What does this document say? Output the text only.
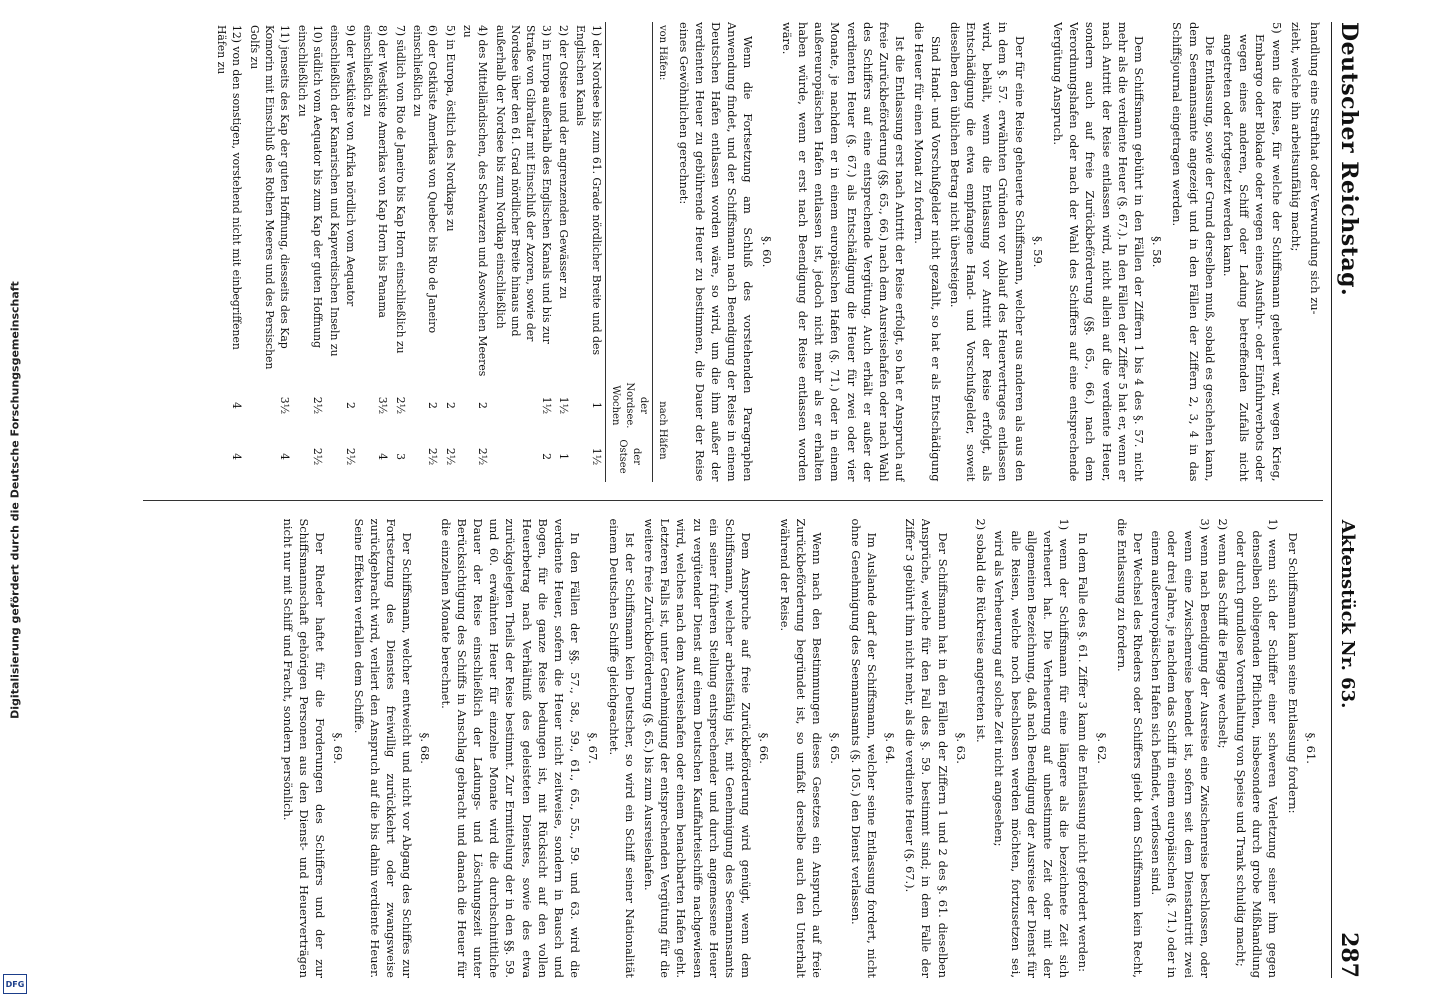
Digitalisierung gefördert durch die Deutsche Forschungsgemeinschaft
DFG
Deutscher Reichstag.
Aktenstück Nr. 63.
287

handlung eine Strafthat oder Verwundung sich zu-

zieht, welche ihn arbeitsunfähig macht;

5) wenn die Reise, für welche der Schiffsmann geheuert war, wegen Krieg, Embargo oder Blokade oder wegen eines Ausfuhr- oder Einfuhrverbots oder wegen eines anderen, Schiff oder Ladung betreffenden Zufalls nicht angetreten oder fortgesetzt werden kann.

Die Entlassung, sowie der Grund derselben muß, sobald es geschehen kann, dem Seemannsamte angezeigt und in den Fällen der Ziffern 2, 3, 4 in das Schiffsjournal eingetragen werden.

§. 58.

Dem Schiffsmann gebührt in den Fällen der Ziffern 1 bis 4 des §. 57. nicht mehr als die verdiente Heuer (§. 67.). In den Fällen der Ziffer 5 hat er, wenn er nach Antritt der Reise entlassen wird, nicht allein auf die verdiente Heuer, sondern auch auf freie Zurückbeförderung (§§. 65., 66.) nach dem Verordnungshafen oder nach der Wahl des Schiffers auf eine entsprechende Vergütung Anspruch.

§. 59.

Der für eine Reise geheuerte Schiffsmann, welcher aus anderen als aus den in dem §. 57. erwähnten Gründen vor Ablauf des Heuervertrages entlassen wird, behält, wenn die Entlassung vor Antritt der Reise erfolgt, als Entschädigung die etwa empfangene Hand- und Vorschußgelder, soweit dieselben den üblichen Betrag nicht übersteigen.

Sind Hand- und Vorschußgelder nicht gezahlt, so hat er als Entschädigung die Heuer für einen Monat zu fordern.

Ist die Entlassung erst nach Antritt der Reise erfolgt, so hat er Anspruch auf freie Zurückbeförderung (§§. 65., 66.) nach dem Ausreisehafen oder nach Wahl des Schiffers auf eine entsprechende Vergütung. Auch erhält er außer der verdienten Heuer (§. 67.) als Entschädigung die Heuer für zwei oder vier Monate, je nachdem er in einem europäischen Hafen (§. 71.) oder in einem außereuropäischen Hafen entlassen ist, jedoch nicht mehr als er erhalten haben würde, wenn er erst nach Beendigung der Reise entlassen worden wäre.

§. 60.

Wenn die Fortsetzung am Schluß des vorstehenden Paragraphen Anwendung findet, und der Schiffsmann nach Beendigung der Reise in einem Deutschen Hafen entlassen worden wäre, so wird, um die ihm außer der verdienten Heuer zu gebührende Heuer zu bestimmen, die Dauer der Reise eines Gewöhnlichen gerechnet:

von Häfen:	nach Häfen	
	der Nordsee. Wochen	der Ostsee
1) der Nordsee bis zum 61. Grade nördlicher Breite und des Englischen Kanals	1	1½
2) der Ostsee und der angrenzenden Gewässer zu	1½	1
3) in Europa außerhalb des Englischen Kanals und bis zur Straße von Gibraltar mit Einschluß der Azoren, sowie der Nordsee über den 61. Grad nördlicher Breite hinaus und außerhalb der Nordsee bis zum Nordkap einschließlich	1½	2
4) des Mittelländischen, des Schwarzen und Asowschen Meeres zu	2	2½
5) in Europa, östlich des Nordkaps zu	2	2½
6) der Ostküste Amerikas von Quebec bis Rio de Janeiro einschließlich zu	2	2½
7) südlich von Rio de Janeiro bis Kap Horn einschließlich zu	2½	3
8) der Westküste Amerikas von Kap Horn bis Panama einschließlich zu	3½	4
9) der Westküste von Afrika nördlich vom Aequator einschließlich der Kanarischen und Kapverdischen Inseln zu	2	2½
10) südlich vom Aequator bis zum Kap der guten Hoffnung einschließlich zu	2½	2½
11) jenseits des Kap der guten Hoffnung, diesseits des Kap Komorin mit Einschluß des Rothen Meeres und des Persischen Golfs zu	3½	4
12) von den sonstigen, vorstehend nicht mit einbegriffenen Häfen zu	4	4
§. 61.

Der Schiffsmann kann seine Entlassung fordern:

1) wenn sich der Schiffer einer schweren Verletzung seiner ihm gegen denselben obliegenden Pflichten, insbesondere durch grobe Mißhandlung oder durch grundlose Vorenthaltung von Speise und Trank schuldig macht;
2) wenn das Schiff die Flagge wechselt;
3) wenn nach Beendigung der Ausreise eine Zwischenreise beschlossen, oder wenn eine Zwischenreise beendet ist, sofern seit dem Dienstantritt zwei oder drei Jahre, je nachdem das Schiff in einem europäischen (§. 71.) oder in einem außereuropäischen Hafen sich befindet, verflossen sind.

Der Wechsel des Rheders oder Schiffers giebt dem Schiffsmann kein Recht, die Entlassung zu fordern.

§. 62.

In dem Falle des §. 61. Ziffer 3 kann die Entlassung nicht gefordert werden:

1) wenn der Schiffsmann für eine längere als die bezeichnete Zeit sich verheuert hat. Die Verheuerung auf unbestimmte Zeit oder mit der allgemeinen Bezeichnung, daß nach Beendigung der Ausreise der Dienst für alle Reisen, welche noch beschlossen werden möchten, fortzusetzen sei, wird als Verheuerung auf solche Zeit nicht angesehen;
2) sobald die Rückreise angetreten ist.
§. 63.

Der Schiffsmann hat in den Fällen der Ziffern 1 und 2 des §. 61. dieselben Ansprüche, welche für den Fall des §. 59. bestimmt sind; in dem Falle der Ziffer 3 gebührt ihm nicht mehr, als die verdiente Heuer (§. 67.).

§. 64.

Im Auslande darf der Schiffsmann, welcher seine Entlassung fordert, nicht ohne Genehmigung des Seemannsamts (§. 105.) den Dienst verlassen.

§. 65.

Wenn nach den Bestimmungen dieses Gesetzes ein Anspruch auf freie Zurückbeförderung begründet ist, so umfaßt derselbe auch den Unterhalt während der Reise.

§. 66.

Dem Anspruche auf freie Zurückbeförderung wird genügt, wenn dem Schiffsmann, welcher arbeitsfähig ist, mit Genehmigung des Seemannsamts ein seiner früheren Stellung entsprechender und durch angemessene Heuer zu vergütender Dienst auf einem Deutschen Kauffahrteischiffe nachgewiesen wird, welches nach dem Ausreisehafen oder einem benachbarten Hafen geht. Letzteren Falls ist, unter Genehmigung der entsprechenden Vergütung für die weitere freie Zurückbeförderung (§. 65.) bis zum Ausreisehafen.

Ist der Schiffsmann kein Deutscher, so wird ein Schiff seiner Nationalität einem Deutschen Schiffe gleichgeachtet.

§. 67.

In den Fällen der §§. 57., 58., 59., 61., 65., 55., 59. und 63. wird die verdiente Heuer, sofern die Heuer nicht zeitweise, sondern in Bausch und Bogen, für die ganze Reise bedungen ist, mit Rücksicht auf den vollen Heuerbetrag nach Verhältniß des geleisteten Dienstes, sowie des etwa zurückgelegten Theils der Reise bestimmt. Zur Ermittelung der in den §§. 59. und 60. erwähnten Heuer für einzelne Monate wird die durchschnittliche Dauer der Reise einschließlich der Ladungs- und Löschungszeit unter Berücksichtigung des Schiffs in Anschlag gebracht und danach die Heuer für die einzelnen Monate berechnet.

§. 68.

Der Schiffsmann, welcher entweicht und nicht vor Abgang des Schiffes zur Fortsetzung des Dienstes freiwillig zurückkehrt oder zwangsweise zurückgebracht wird, verliert den Anspruch auf die bis dahin verdiente Heuer. Seine Effekten verfallen dem Schiffe.

§. 69.

Der Rheder haftet für die Forderungen des Schiffers und der zur Schiffsmannschaft gehörigen Personen aus den Dienst- und Heuerverträgen nicht nur mit Schiff und Fracht, sondern persönlich.
